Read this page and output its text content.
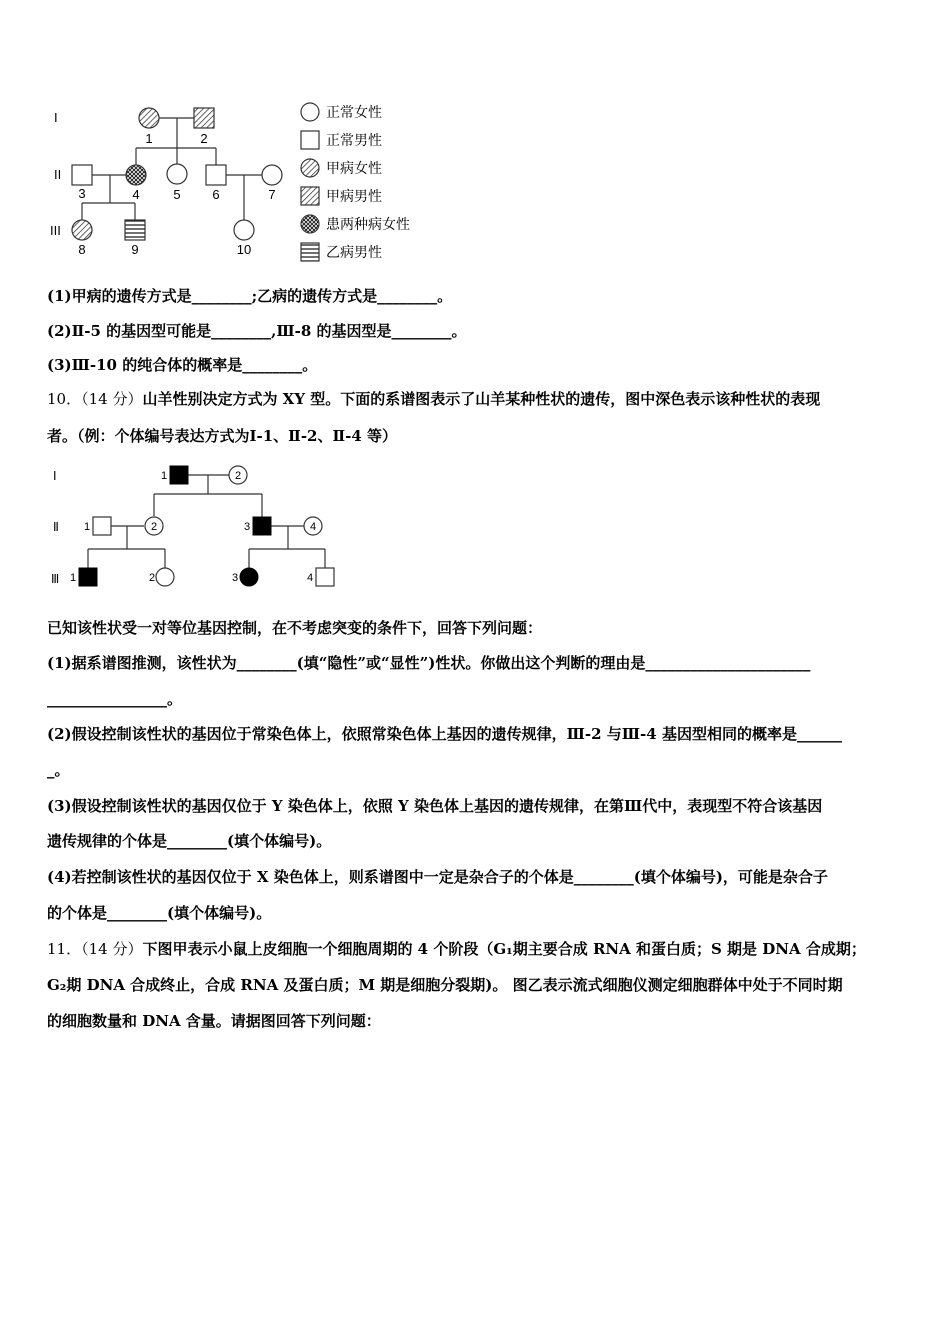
I
II
III
1	2
3	4	5 6	7
8	9	10
正常女性
正常男性
甲病女性
甲病男性
患两种病女性
乙病男性
(1)甲病的遗传方式是________;乙病的遗传方式是________。
(2)Ⅱ-5 的基因型可能是________,Ⅲ-8 的基因型是________。
(3)Ⅲ-10 的纯合体的概率是________。
10．（14 分）山羊性别决定方式为 XY 型。下面的系谱图表示了山羊某种性状的遗传，图中深色表示该种性状的表现
者。（例：个体编号表达方式为Ⅰ-1、Ⅱ-2、Ⅱ-4 等）
Ⅰ
Ⅱ
Ⅲ
1	2
1	2	3	4
1	2	3	4
已知该性状受一对等位基因控制，在不考虑突变的条件下，回答下列问题：
(1)据系谱图推测，该性状为________(填“隐性”或“显性”)性状。你做出这个判断的理由是______________________
________________。
(2)假设控制该性状的基因位于常染色体上，依照常染色体上基因的遗传规律，Ⅲ-2 与Ⅲ-4 基因型相同的概率是______
_。
(3)假设控制该性状的基因仅位于 Y 染色体上，依照 Y 染色体上基因的遗传规律，在第Ⅲ代中，表现型不符合该基因
遗传规律的个体是________(填个体编号)。
(4)若控制该性状的基因仅位于 X 染色体上，则系谱图中一定是杂合子的个体是________(填个体编号)，可能是杂合子
的个体是________(填个体编号)。
11．（14 分）下图甲表示小鼠上皮细胞一个细胞周期的 4 个阶段（G₁期主要合成 RNA 和蛋白质；S 期是 DNA 合成期；
G₂期 DNA 合成终止，合成 RNA 及蛋白质；M 期是细胞分裂期)。 图乙表示流式细胞仪测定细胞群体中处于不同时期
的细胞数量和 DNA 含量。请据图回答下列问题：
